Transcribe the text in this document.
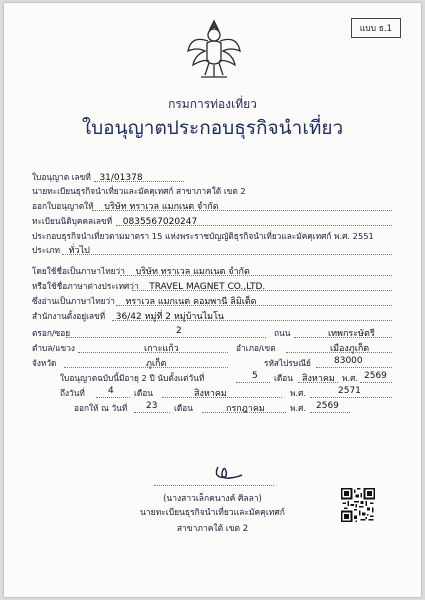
แบบ ธ.1
กรมการท่องเที่ยว
ใบอนุญาตประกอบธุรกิจนำเที่ยว
ใบอนุญาต เลขที่ 31/01378
นายทะเบียนธุรกิจนำเที่ยวและมัคคุเทศก์ สาขาภาคใต้ เขต 2
ออกใบอนุญาตให้ บริษัท ทราเวล แมกเนต จำกัด
ทะเบียนนิติบุคคลเลขที่ 0835567020247
ประกอบธุรกิจนำเที่ยวตามมาตรา 15 แห่งพระราชบัญญัติธุรกิจนำเที่ยวและมัคคุเทศก์ พ.ศ. 2551
ประเภท ทั่วไป
โดยใช้ชื่อเป็นภาษาไทยว่า บริษัท ทราเวล แมกเนต จำกัด
หรือใช้ชื่อภาษาต่างประเทศว่า TRAVEL MAGNET CO.,LTD.
ซึ่งอ่านเป็นภาษาไทยว่า ทราเวล แมกเนต คอมพานี ลิมิเต็ด
สำนักงานตั้งอยู่เลขที่ 36/42 หมู่ที่ 2 หมู่บ้านไมโน
ตรอก/ซอย	2	ถนน	เทพกระษัตรี
ตำบล/แขวง	เกาะแก้ว	อำเภอ/เขต	เมืองภูเก็ต
จังหวัด	ภูเก็ต	รหัสไปรษณีย์	83000
ใบอนุญาตฉบับนี้มีอายุ 2 ปี นับตั้งแต่วันที่	5 เดือน สิงหาคม พ.ศ. 2569
ถึงวันที่	4 เดือน	สิงหาคม	พ.ศ.	2571
ออกให้ ณ วันที่ 23 เดือน	กรกฎาคม	พ.ศ. 2569
(นางสาวเล็กคนางค์ ศิลลา)
นายทะเบียนธุรกิจนำเที่ยวและมัคคุเทศก์
สาขาภาคใต้ เขต 2
